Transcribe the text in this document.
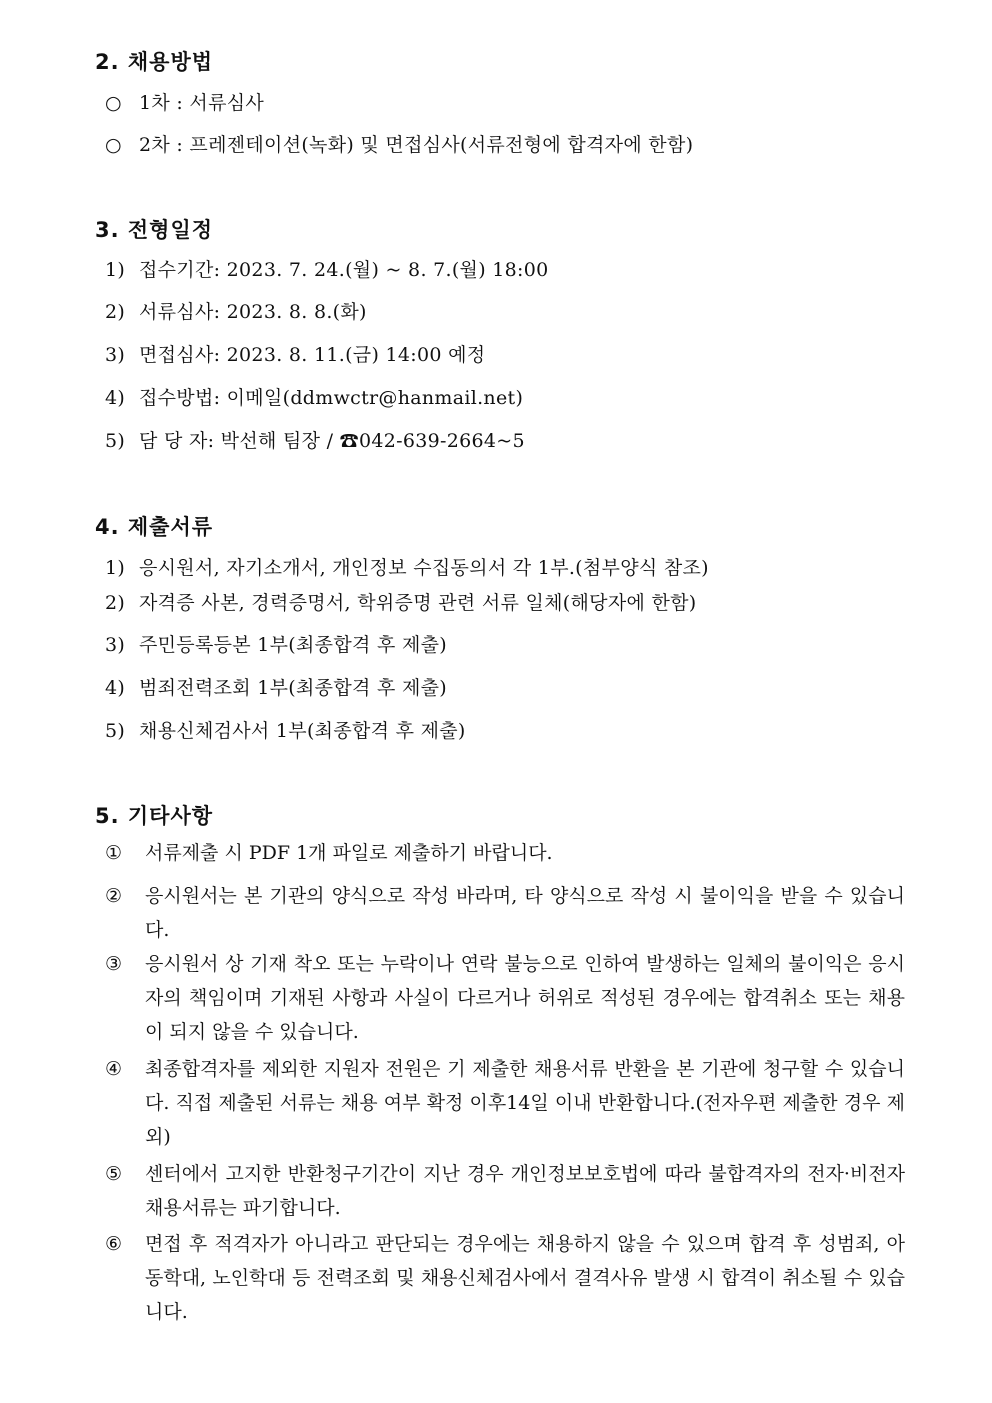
2. 채용방법
○ 1차 : 서류심사
○ 2차 : 프레젠테이션(녹화) 및 면접심사(서류전형에 합격자에 한함)
3. 전형일정
1) 접수기간: 2023. 7. 24.(월) ~ 8. 7.(월) 18:00
2) 서류심사: 2023. 8. 8.(화)
3) 면접심사: 2023. 8. 11.(금) 14:00 예정
4) 접수방법: 이메일(ddmwctr@hanmail.net)
5) 담 당 자: 박선해 팀장 / ☎042-639-2664~5
4. 제출서류
1) 응시원서, 자기소개서, 개인정보 수집동의서 각 1부.(첨부양식 참조)
2) 자격증 사본, 경력증명서, 학위증명 관련 서류 일체(해당자에 한함)
3) 주민등록등본 1부(최종합격 후 제출)
4) 범죄전력조회 1부(최종합격 후 제출)
5) 채용신체검사서 1부(최종합격 후 제출)
5. 기타사항
① 서류제출 시 PDF 1개 파일로 제출하기 바랍니다.
② 응시원서는 본 기관의 양식으로 작성 바라며, 타 양식으로 작성 시 불이익을 받을 수 있습니다.
③ 응시원서 상 기재 착오 또는 누락이나 연락 불능으로 인하여 발생하는 일체의 불이익은 응시자의 책임이며 기재된 사항과 사실이 다르거나 허위로 적성된 경우에는 합격취소 또는 채용이 되지 않을 수 있습니다.
④ 최종합격자를 제외한 지원자 전원은 기 제출한 채용서류 반환을 본 기관에 청구할 수 있습니다. 직접 제출된 서류는 채용 여부 확정 이후14일 이내 반환합니다.(전자우편 제출한 경우 제외)
⑤ 센터에서 고지한 반환청구기간이 지난 경우 개인정보보호법에 따라 불합격자의 전자·비전자 채용서류는 파기합니다.
⑥ 면접 후 적격자가 아니라고 판단되는 경우에는 채용하지 않을 수 있으며 합격 후 성범죄, 아동학대, 노인학대 등 전력조회 및 채용신체검사에서 결격사유 발생 시 합격이 취소될 수 있습니다.
